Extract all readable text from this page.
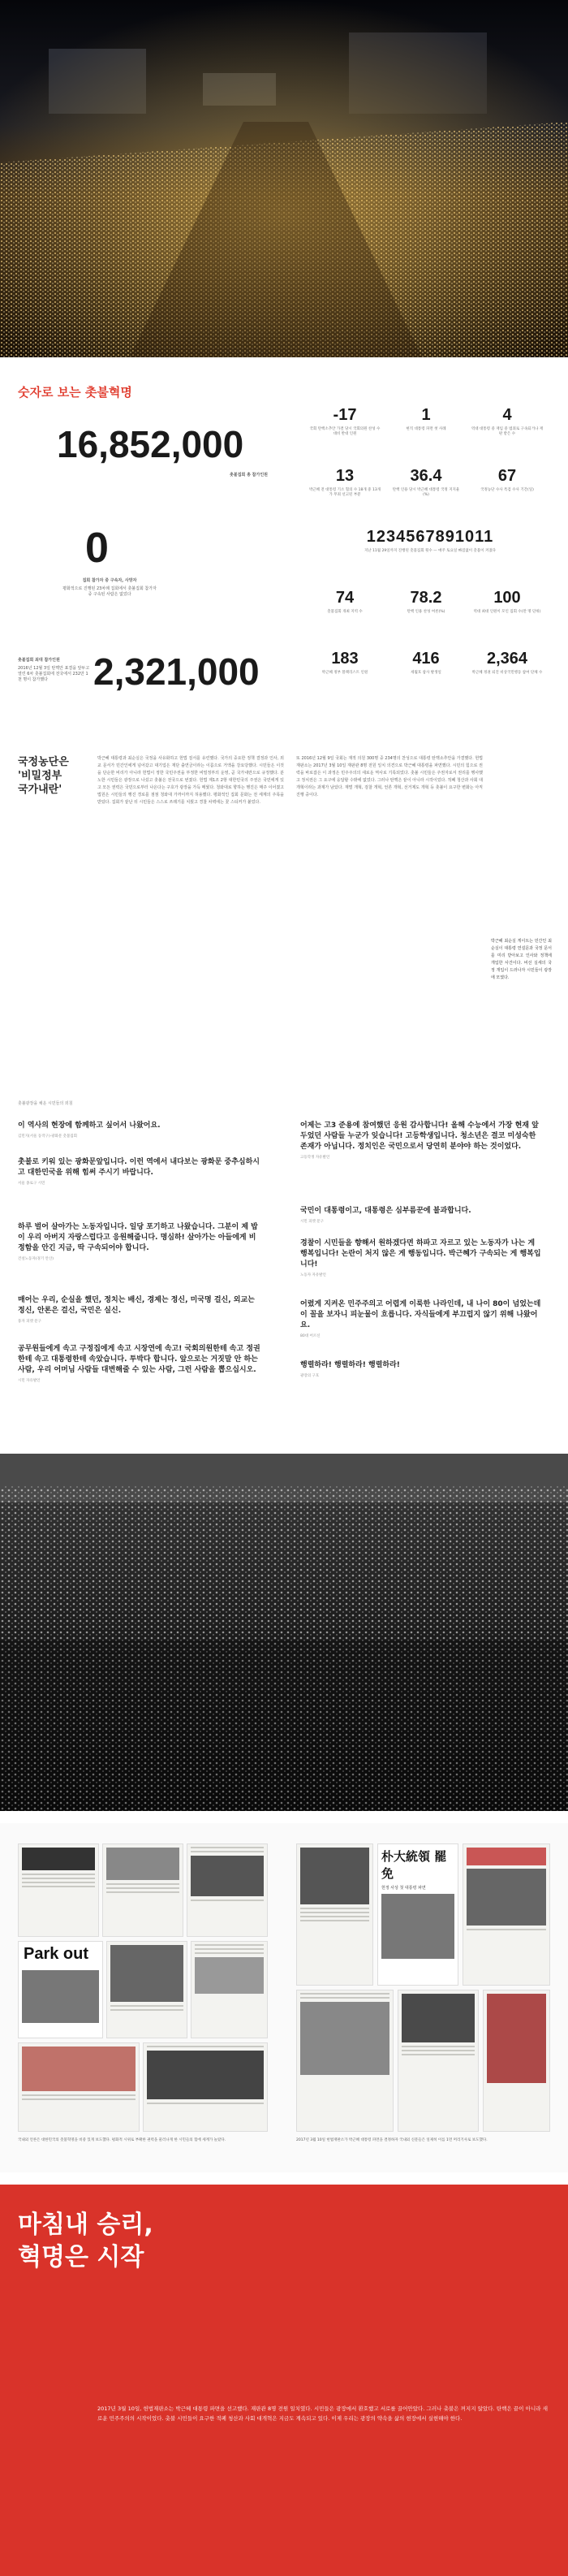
숫자로 보는 촛불혁명
16,852,000
촛불집회 총 참가인원
0
집회 참가자 중 구속자, 사망자
평화적으로 진행된 23차례 집회에서 촛불집회 참가자 중 구속된 사람은 없었다
촛불집회 최대 참가인원
2016년 12월 3일 탄핵안 표결을 앞두고 열린 6차 촛불집회에 전국에서 232만 1천 명이 참가했다	2,321,000
-17
국회 탄핵소추안 가결 당시 국회의원 찬성 수 대비 반대 인원
1
현직 대통령 파면 첫 사례
4
역대 대통령 중 재임 중 범죄로 구속되거나 재판 받은 수
13
박근혜 전 대통령 기소 혐의 수 18개 중 13개가 무죄 선고된 부분
36.4
탄핵 인용 당시 박근혜 대통령 국정 지지율(%)
67
국정농단 수사 특검 수사 기간(일)
1234567891011
지난 11월 29일까지 진행된 촛불집회 횟수 — 매주 토요일 빠짐없이 촛불이 켜졌다
74
촛불집회 개최 지역 수
78.2
탄핵 인용 찬성 여론(%)
100
역대 최대 인원이 모인 집회 수(만 명 단위)
183
박근혜 정부 블랙리스트 인원
416
세월호 참사 발생일
2,364
박근혜 정권 퇴진 비상국민행동 참여 단체 수
국정농단은
'비밀정부
국가내란'
박근혜 대통령과 최순실은 국정을 사유화하고 헌법 질서를 유린했다. 국가의 중요한 정책 결정과 인사, 외교 문서가 민간인에게 넘어갔고 대기업은 재단 출연금이라는 이름으로 거액을 강요당했다. 시민들은 이것을 단순한 비리가 아니라 헌법이 정한 국민주권을 부정한 비밀정부의 운영, 곧 국가내란으로 규정했다. 분노한 시민들은 광장으로 나섰고 촛불은 전국으로 번졌다. 헌법 제1조 2항 대한민국의 주권은 국민에게 있고 모든 권력은 국민으로부터 나온다는 구호가 광장을 가득 메웠다. 청와대로 향하는 행진은 매주 이어졌고 법원은 시민들의 행진 경로를 점점 청와대 가까이까지 허용했다. 평화적인 집회 문화는 전 세계의 주목을 받았다. 집회가 끝난 뒤 시민들은 스스로 쓰레기를 치웠고 경찰 차벽에는 꽃 스티커가 붙었다.
또 2016년 12월 9일 국회는 재적 의원 300명 중 234명의 찬성으로 대통령 탄핵소추안을 가결했다. 헌법재판소는 2017년 3월 10일 재판관 8명 전원 일치 의견으로 박근혜 대통령을 파면했다. 시민의 힘으로 권력을 바로잡은 이 과정은 민주주의의 새로운 역사로 기록되었다. 촛불 시민들은 주권자로서 권리를 행사했고 정치권은 그 요구에 응답할 수밖에 없었다. 그러나 탄핵은 끝이 아니라 시작이었다. 적폐 청산과 사회 대개혁이라는 과제가 남았다. 재벌 개혁, 검찰 개혁, 언론 개혁, 선거제도 개혁 등 촛불이 요구한 변화는 아직 진행 중이다.
박근혜 최순실 게이트는 민간인 최순실이 대통령 연설문과 국정 문서를 미리 받아보고 인사와 정책에 개입한 사건이다. 비선 실세의 국정 개입이 드러나자 시민들이 광장에 모였다.
촛불광장을 채운 시민들의 외침
이 역사의 현장에 함께하고 싶어서 나왔어요.
김민지(서울 동작구)·광화문 촛불집회
촛불로 키워 있는 광화문앞입니다. 이런 역에서 내다보는 광화문 중추심하시고 대한민국을 위해 힘써 주시기 바랍니다.
서울 종로구 시민
하루 벌어 살아가는 노동자입니다. 일당 포기하고 나왔습니다. 그분이 제 밥이 우리 아버지 자랑스럽다고 응원해줍니다. 명심하! 살아가는 아들에게 비정함을 안긴 지금, 딱 구속되어야 합니다.
건설노동자(경기 안산)
매어는 우리, 순실을 했던, 정치는 배신, 경제는 정신, 미국명 걸신, 외교는 정신, 안론은 걸신, 국민은 실신.
풍자 피켓 문구
공무원들에게 속고 구정집에게 속고 시장연에 속고! 국회의원한테 속고 정권한테 속고 대통령한테 속았습니다. 투박다 합니다. 앞으로는 거짓말 안 하는 사람, 우리 어머님 사람들 대변해줄 수 있는 사람, 그런 사람을 뽑으십시오.
시민 자유발언
어제는 고3 준용에 참여했던 응원 감사합니다! 올해 수능에서 가장 현재 앞두었던 사람들 누군가 잊습니다! 고등학생입니다. 청소년은 결코 미성숙한 존재가 아닙니다. 정치인은 국민으로서 당연히 분야야 하는 것이었다.
고등학생 자유발언
국민이 대통령이고, 대통령은 심부름꾼에 불과합니다.
시민 피켓 문구
경찰이 시민들을 향해서 원하겠다면 하파고 자르고 있는 노동자가 나는 게 행복입니다! 논란이 처지 않은 게 행동입니다. 박근혜가 구속되는 게 행복입니다!
노동자 자유발언
어렸게 지켜온 민주주의고 어렵게 이룩한 나라인데, 내 나이 80이 넘었는데 이 꼴을 보자니 피눈물이 흐릅니다. 자식들에게 부끄럽지 않기 위해 나왔어요.
80대 어르신
행렬하라! 행렬하라! 행렬하라!
광장의 구호
Park out
국내외 언론은 대한민국의 촛불혁명을 비중 있게 보도했다. 평화적 시위로 부패한 권력을 물러나게 한 시민들의 힘에 세계가 놀랐다.
朴大統領 罷免
헌정 사상 첫 대통령 파면
2017년 3월 10일 헌법재판소가 박근혜 대통령 파면을 결정하자 국내외 신문들은 일제히 이를 1면 머리기사로 보도했다.
마침내 승리,
혁명은 시작
2017년 3월 10일, 헌법재판소는 박근혜 대통령 파면을 선고했다. 재판관 8명 전원 일치였다. 시민들은 광장에서 환호했고 서로를 끌어안았다. 그러나 촛불은 꺼지지 않았다. 탄핵은 끝이 아니라 새로운 민주주의의 시작이었다. 촛불 시민들이 요구한 적폐 청산과 사회 대개혁은 지금도 계속되고 있다. 이제 우리는 광장의 약속을 삶의 현장에서 실현해야 한다.
